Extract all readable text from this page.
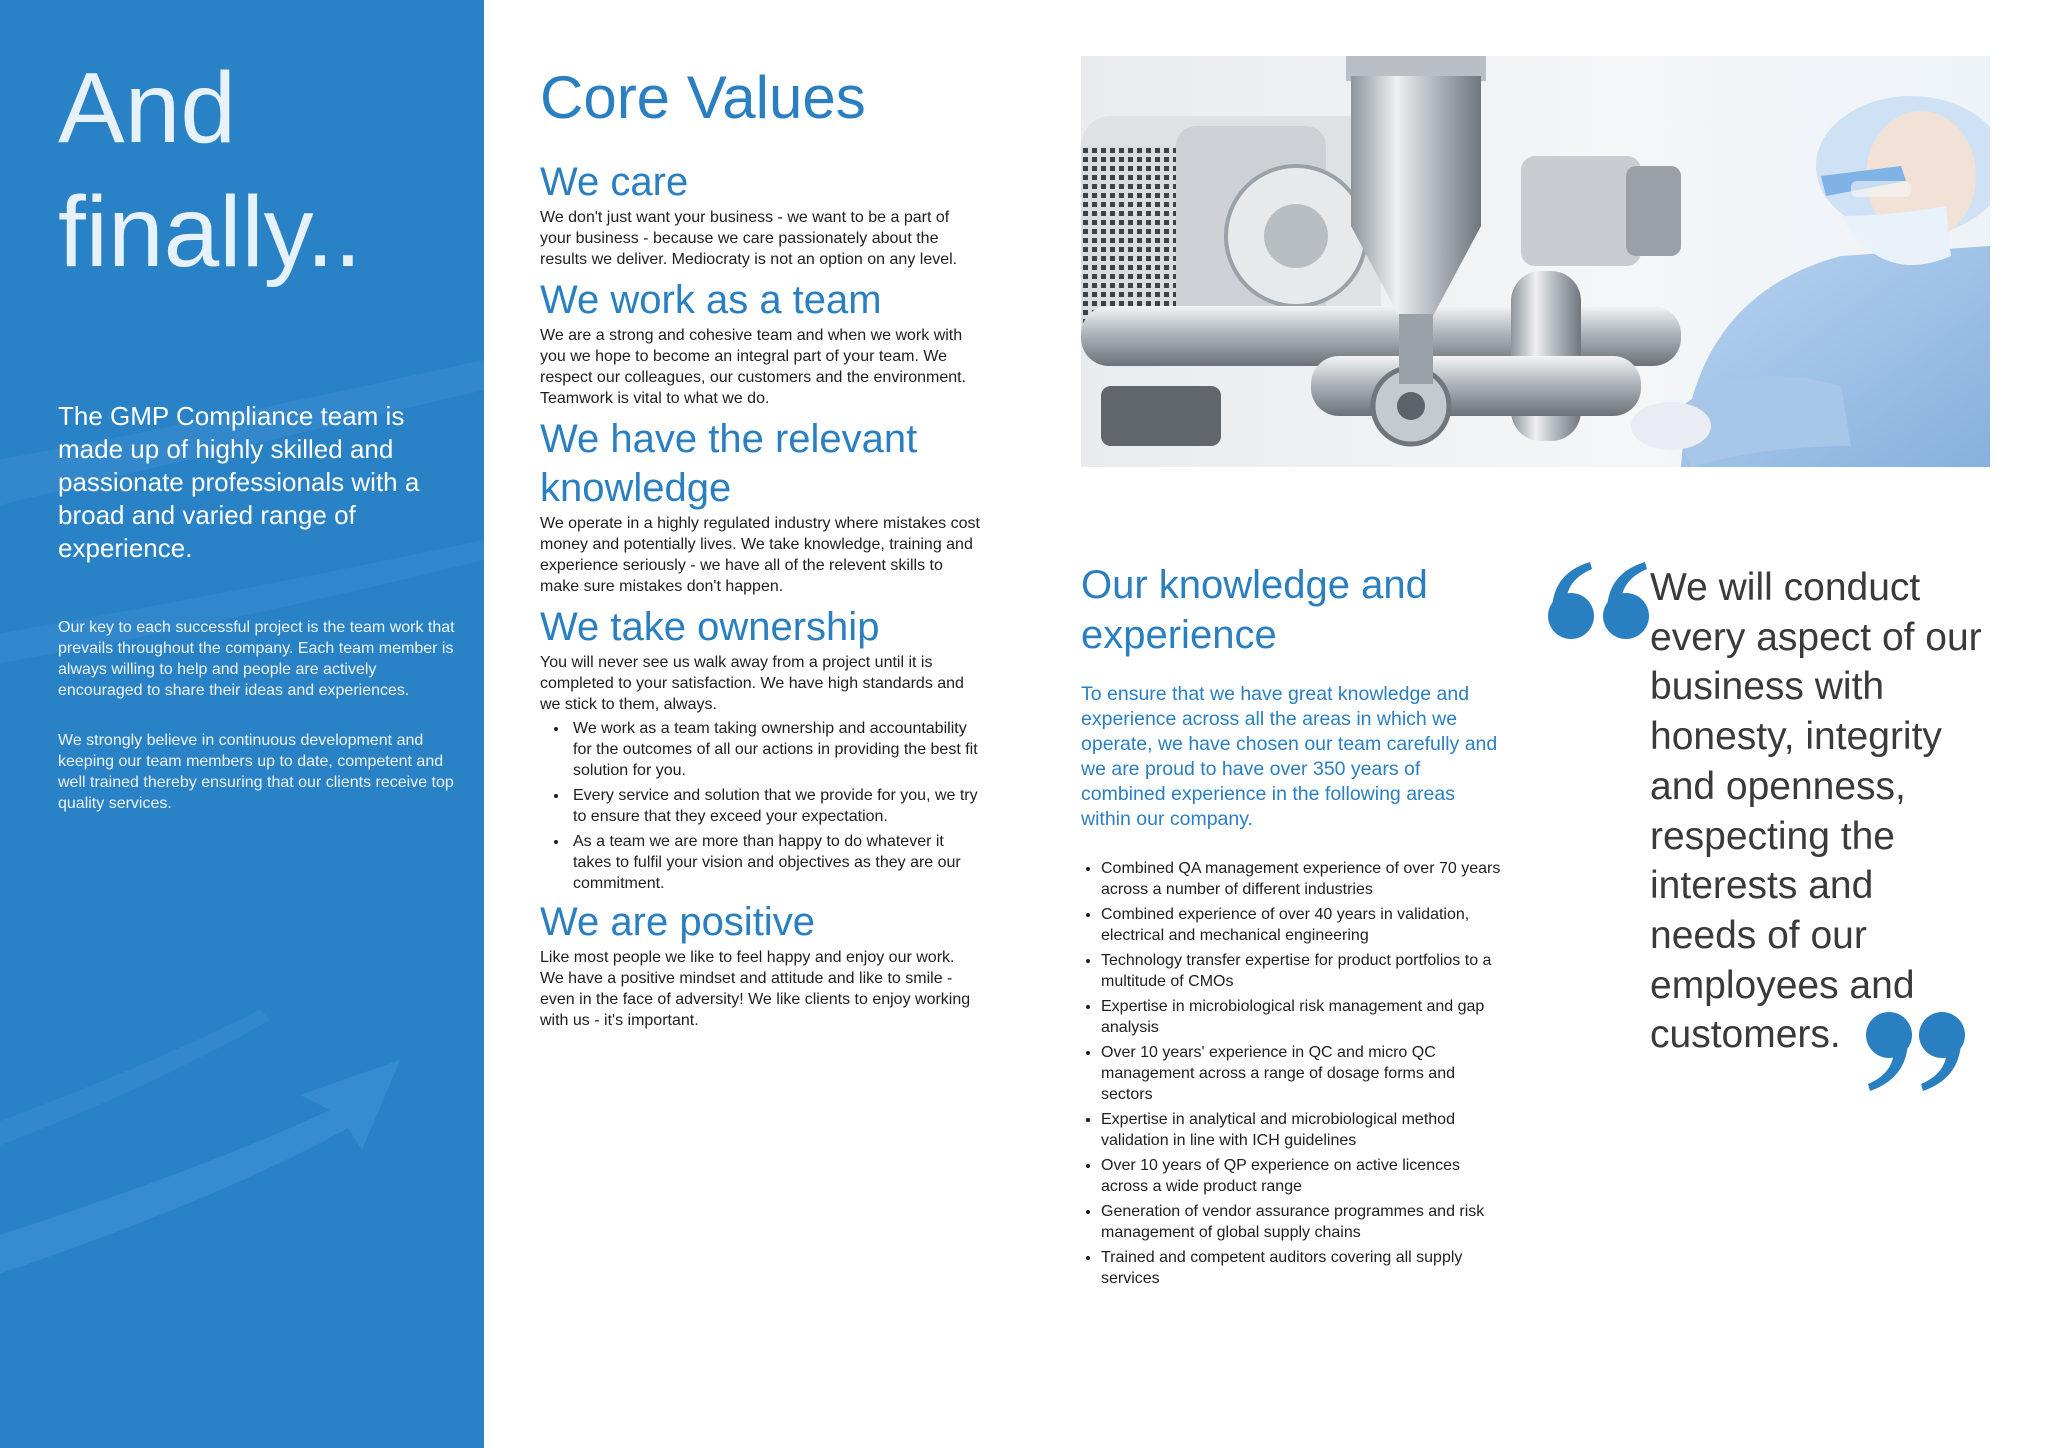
And
finally..

The GMP Compliance team is made up of highly skilled and passionate professionals with a broad and varied range of experience.

Our key to each successful project is the team work that prevails throughout the company. Each team member is always willing to help and people are actively encouraged to share their ideas and experiences.

We strongly believe in continuous development and keeping our team members up to date, competent and well trained thereby ensuring that our clients receive top quality services.

Core Values
We care

We don't just want your business - we want to be a part of your business - because we care passionately about the results we deliver. Mediocraty is not an option on any level.

We work as a team

We are a strong and cohesive team and when we work with you we hope to become an integral part of your team. We respect our colleagues, our customers and the environment. Teamwork is vital to what we do.

We have the relevant knowledge

We operate in a highly regulated industry where mistakes cost money and potentially lives. We take knowledge, training and experience seriously - we have all of the relevent skills to make sure mistakes don't happen.

We take ownership

You will never see us walk away from a project until it is completed to your satisfaction. We have high standards and we stick to them, always.

• We work as a team taking ownership and accountability for the outcomes of all our actions in providing the best fit solution for you.
• Every service and solution that we provide for you, we try to ensure that they exceed your expectation.
• As a team we are more than happy to do whatever it takes to fulfil your vision and objectives as they are our commitment.
We are positive

Like most people we like to feel happy and enjoy our work. We have a positive mindset and attitude and like to smile - even in the face of adversity! We like clients to enjoy working with us - it's important.

Our knowledge and experience

To ensure that we have great knowledge and experience across all the areas in which we operate, we have chosen our team carefully and we are proud to have over 350 years of combined experience in the following areas within our company.

• Combined QA management experience of over 70 years across a number of different industries
• Combined experience of over 40 years in validation, electrical and mechanical engineering
• Technology transfer expertise for product portfolios to a multitude of CMOs
• Expertise in microbiological risk management and gap analysis
• Over 10 years' experience in QC and micro QC management across a range of dosage forms and sectors
• Expertise in analytical and microbiological method validation in line with ICH guidelines
• Over 10 years of QP experience on active licences across a wide product range
• Generation of vendor assurance programmes and risk management of global supply chains
• Trained and competent auditors covering all supply services

We will conduct every aspect of our business with honesty, integrity and openness, respecting the interests and needs of our employees and customers.
